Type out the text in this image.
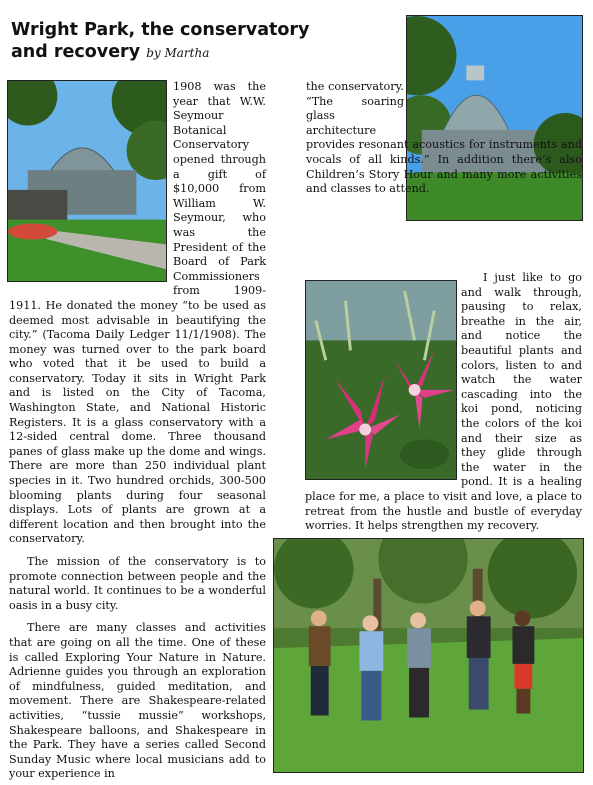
Wright Park, the conservatory and recovery by Martha

1908 was the year that W.W. Seymour Botanical Conservatory opened through a gift of $10,000 from William W. Seymour, who was the President of the Board of Park Commissioners from 1909-1911. He donated the money “to be used as deemed most advisable in beautifying the city.” (Tacoma Daily Ledger 11/1/1908). The money was turned over to the park board who voted that it be used to build a conservatory. Today it sits in Wright Park and is listed on the City of Tacoma, Washington State, and National Historic Registers. It is a glass conservatory with a 12-sided central dome. Three thousand panes of glass make up the dome and wings. There are more than 250 individual plant species in it. Two hundred orchids, 300-500 blooming plants during four seasonal displays. Lots of plants are grown at a different location and then brought into the conservatory.

The mission of the conservatory is to promote connection between people and the natural world. It continues to be a wonderful oasis in a busy city.

There are many classes and activities that are going on all the time. One of these is called Exploring Your Nature in Nature. Adrienne guides you through an exploration of mindfulness, guided meditation, and movement. There are Shakespeare-related activities, “tussie mussie” workshops, Shakespeare balloons, and Shakespeare in the Park. They have a series called Second Sunday Music where local musicians add to your experience in

the conservatory. “The soaring glass architecture provides resonant acoustics for instruments and vocals of all kinds.” In addition there’s also Children’s Story Hour and many more activities and classes to attend.

I just like to go and walk through, pausing to relax, breathe in the air, and notice the beautiful plants and colors, listen to and watch the water cascading into the koi pond, noticing the colors of the koi and their size as they glide through the water in the pond. It is a healing place for me, a place to visit and love, a place to retreat from the hustle and bustle of everyday worries. It helps strengthen my recovery.
